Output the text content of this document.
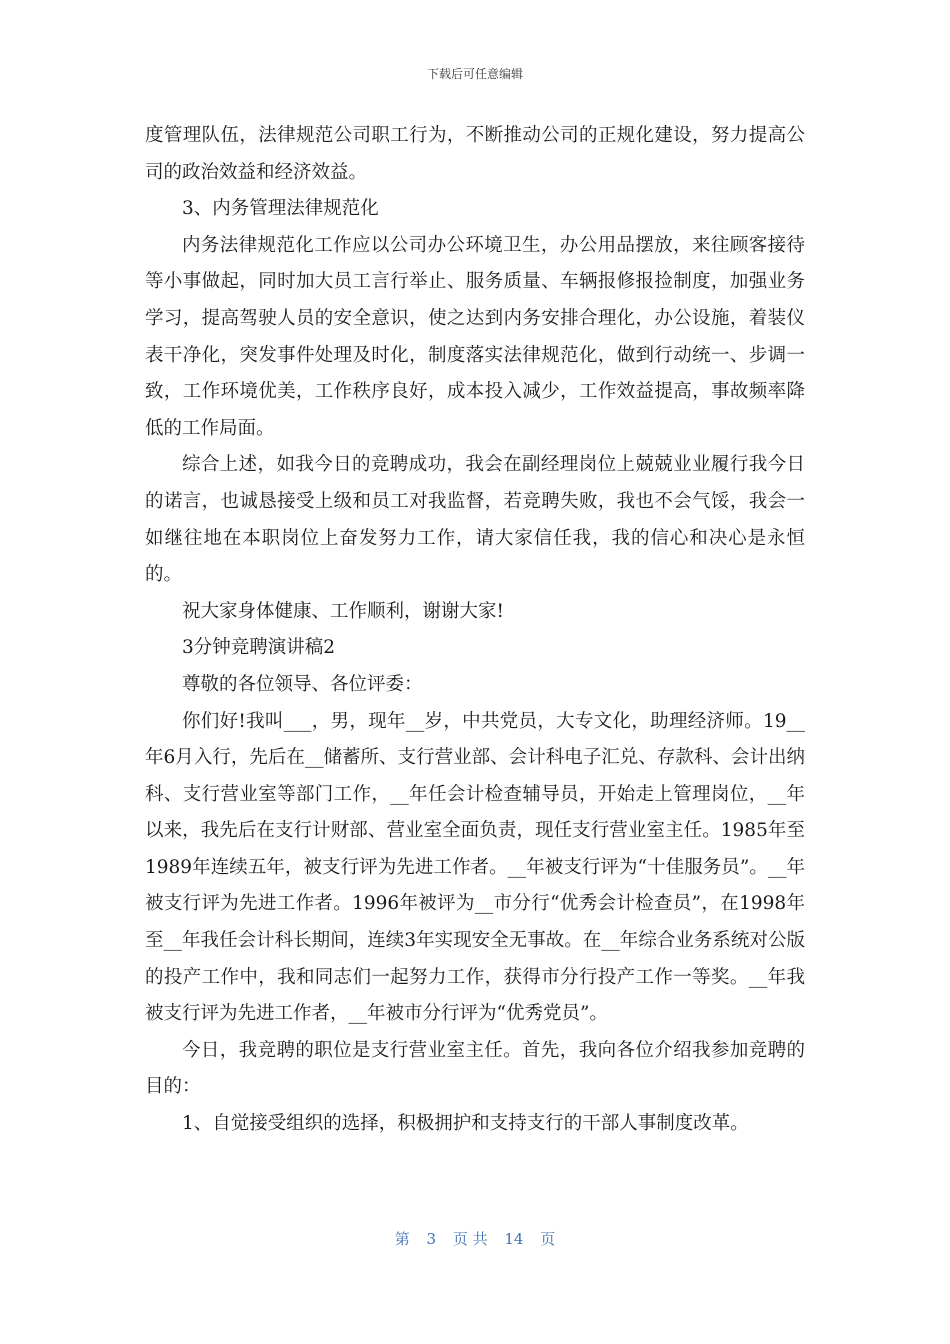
下载后可任意编辑

度管理队伍，法律规范公司职工行为，不断推动公司的正规化建设，努力提高公司的政治效益和经济效益。

3、内务管理法律规范化

内务法律规范化工作应以公司办公环境卫生，办公用品摆放，来往顾客接待等小事做起，同时加大员工言行举止、服务质量、车辆报修报捡制度，加强业务学习，提高驾驶人员的安全意识，使之达到内务安排合理化，办公设施，着装仪表干净化，突发事件处理及时化，制度落实法律规范化，做到行动统一、步调一致，工作环境优美，工作秩序良好，成本投入减少，工作效益提高，事故频率降低的工作局面。

综合上述，如我今日的竞聘成功，我会在副经理岗位上兢兢业业履行我今日的诺言，也诚恳接受上级和员工对我监督，若竞聘失败，我也不会气馁，我会一如继往地在本职岗位上奋发努力工作，请大家信任我，我的信心和决心是永恒的。

祝大家身体健康、工作顺利，谢谢大家!

3分钟竞聘演讲稿2

尊敬的各位领导、各位评委：

你们好!我叫___，男，现年__岁，中共党员，大专文化，助理经济师。19__年6月入行，先后在__储蓄所、支行营业部、会计科电子汇兑、存款科、会计出纳科、支行营业室等部门工作，__年任会计检查辅导员，开始走上管理岗位，__年以来，我先后在支行计财部、营业室全面负责，现任支行营业室主任。1985年至1989年连续五年，被支行评为先进工作者。__年被支行评为“十佳服务员”。__年被支行评为先进工作者。1996年被评为__市分行“优秀会计检查员”，在1998年至__年我任会计科长期间，连续3年实现安全无事故。在__年综合业务系统对公版的投产工作中，我和同志们一起努力工作，获得市分行投产工作一等奖。__年我被支行评为先进工作者，__年被市分行评为“优秀党员”。

今日，我竞聘的职位是支行营业室主任。首先，我向各位介绍我参加竞聘的目的：

1、自觉接受组织的选择，积极拥护和支持支行的干部人事制度改革。

第 3 页 共 14 页
